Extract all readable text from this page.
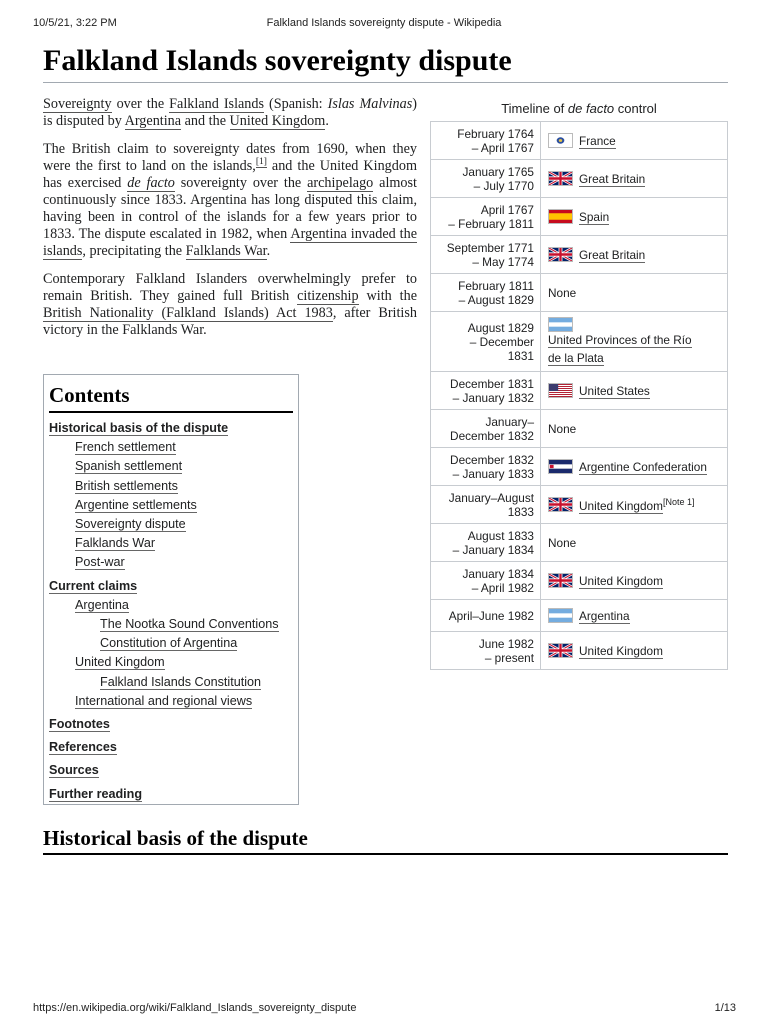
10/5/21, 3:22 PM	Falkland Islands sovereignty dispute - Wikipedia
Falkland Islands sovereignty dispute

Sovereignty over the Falkland Islands (Spanish: Islas Malvinas) is disputed by Argentina and the United Kingdom.

The British claim to sovereignty dates from 1690, when they were the first to land on the islands,[1] and the United Kingdom has exercised de facto sovereignty over the archipelago almost continuously since 1833. Argentina has long disputed this claim, having been in control of the islands for a few years prior to 1833. The dispute escalated in 1982, when Argentina invaded the islands, precipitating the Falklands War.

Contemporary Falkland Islanders overwhelmingly prefer to remain British. They gained full British citizenship with the British Nationality (Falkland Islands) Act 1983, after British victory in the Falklands War.

Contents
Historical basis of the dispute
French settlement
Spanish settlement
British settlements
Argentine settlements
Sovereignty dispute
Falklands War
Post-war
Current claims
Argentina
The Nootka Sound Conventions
Constitution of Argentina
United Kingdom
Falkland Islands Constitution
International and regional views
Footnotes
References
Sources
Further reading
Timeline of de facto control
February 1764
– April 1767	France

January 1765
– July 1770	Great Britain

April 1767
– February 1811	Spain

September 1771
– May 1774	Great Britain

February 1811
– August 1829	None

August 1829
– December
1831	United Provinces of the Río de la Plata

December 1831
– January 1832	United States

January–
December 1832	None

December 1832
– January 1833	Argentine Confederation

January–August
1833	United Kingdom[Note 1]

August 1833
– January 1834	None

January 1834
– April 1982	United Kingdom

April–June 1982	Argentina

June 1982
– present	United Kingdom
Historical basis of the dispute
https://en.wikipedia.org/wiki/Falkland_Islands_sovereignty_dispute	1/13
